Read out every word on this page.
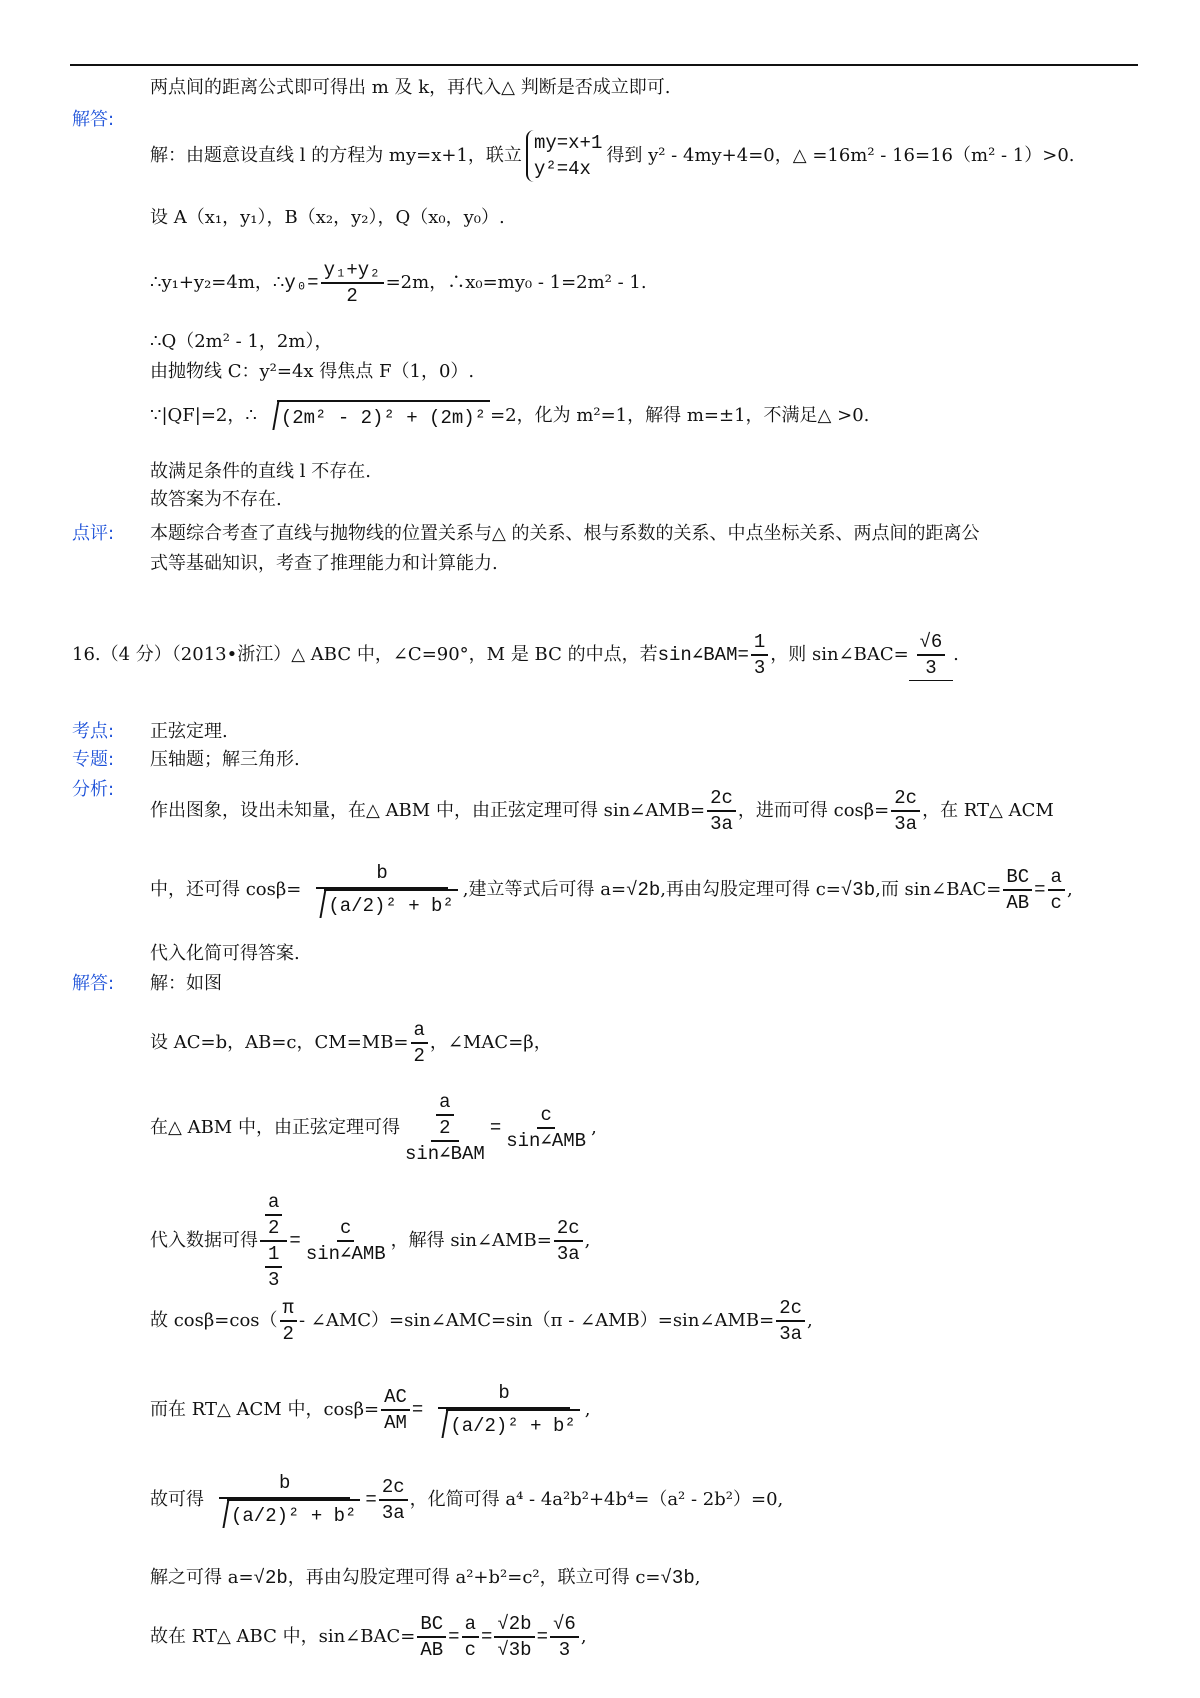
两点间的距离公式即可得出 m 及 k，再代入△ 判断是否成立即可.
解答:
解：由题意设直线 l 的方程为 my=x+1，联立my=x+1
y²=4x得到 y² - 4my+4=0，△ =16m² - 16=16（m² - 1）>0.
设 A（x₁，y₁），B（x₂，y₂），Q（x₀，y₀）.
∴y₁+y₂=4m，∴y₀= $\frac{\text{y₁+y₂}}{2} =2m$，∴x₀=my₀ - 1=2m² - 1.
∴Q（2m² - 1，2m），
由抛物线 C：y²=4x 得焦点 F（1，0）.
∵|QF|=2，∴ (2m² - 2)² + (2m)² =2，化为 m²=1，解得 m=±1，不满足△ >0.
故满足条件的直线 l 不存在.
故答案为不存在.
点评: 本题综合考查了直线与抛物线的位置关系与△ 的关系、根与系数的关系、中点坐标关系、两点间的距离公
式等基础知识，考查了推理能力和计算能力.
16.（4 分）（2013•浙江）△ ABC 中，∠C=90°，M 是 BC 的中点，若sin∠BAM= $\frac{1}{3}$ ，则 sin∠BAC= $\frac{√6}{3}$ .
考点: 正弦定理.
专题: 压轴题；解三角形.
分析:
作出图象，设出未知量，在△ ABM 中，由正弦定理可得 sin∠AMB= $\frac{2c}{3a}$ ，进而可得 $\cos\beta= \frac{2c}{3a}$ ，在 RT△ ACM
中，还可得 $\cos\beta= \frac{b}{\text{(a/2)² + b²}}$ ,建立等式后可得 a=√2b,再由勾股定理可得 c=√3b,而 sin∠BAC= $\frac{BC}{AB} = \frac{a}{c}$ ,
代入化简可得答案.
解答: 解：如图
设 AC=b，AB=c，$CM=MB= \frac{a}{2}$ ，∠MAC=β，
在△ ABM 中，由正弦定理可得 $\frac{a}{2}$
sin∠BAM
=
c
sin∠AMB
,
代入数据可得 $\frac{\frac{a}{2}}{\frac{1}{3}}$ =
c
sin∠AMB
，解得 sin∠AMB= $\frac{2c}{3a}$ ,
故 $\cos\beta=\cos( \frac{\pi}{2}$ - ∠AMC）=sin∠AMC=sin（π - ∠AMB）=sin∠AMB= $\frac{2c}{3a}$ ,
而在 RT△ ACM 中，$\cos\beta= \frac{AC}{AM} = \frac{b}{\text{(a/2)² + b²}}$ ,
故可得 $\frac{b}{\text{(a/2)² + b²}} = \frac{2c}{3a}$ ，化简可得 a⁴ - 4a²b²+4b⁴=（a² - 2b²）=0,
解之可得 a=√2b，再由勾股定理可得 a²+b²=c²，联立可得 c=√3b,
故在 RT△ ABC 中，sin∠BAC= $\frac{BC}{AB} = \frac{a}{c} = \frac{√2b}{√3b} = \frac{√6}{3}$ ,
